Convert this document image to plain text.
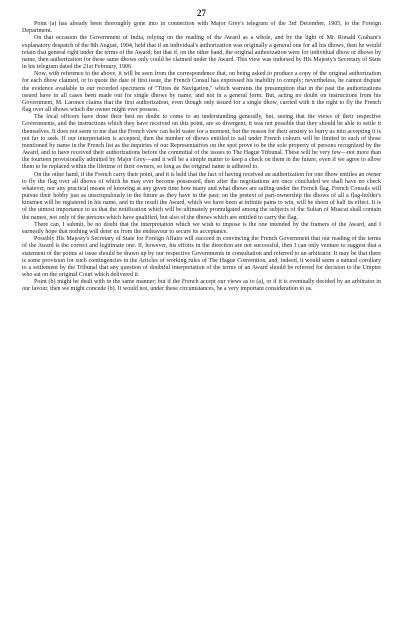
27

Point (a) has already been thoroughly gone into in connection with Major Grey's telegram of the 3rd December, 1905, to the Foreign Department.

On that occasion the Government of India, relying on the reading of the Award as a whole, and by the light of Mr. Ronald Graham's explanatory despatch of the 8th August, 1904, held that if an individual's authorization was originally a general one for all his dhows, then he would retain that general right under the terms of the Award; but that if, on the other hand, the original authorization were for individual dhow or dhows by name, then authorization for these same dhows only could be claimed under the Award. This view was indorsed by His Majesty's Secretary of State in his telegram dated the 21st February, 1906.

Now, with reference to the above, it will be seen from the correspondence that, on being asked to produce a copy of the original authorization for each dhow claimed, or to quote the date of first issue, the French Consul has expressed his inability to comply; nevertheless, he cannot dispute the evidence available in our recorded specimens of "Titres de Navigation," which warrants the presumption that in the past the authorizations issued have in all cases been made out for single dhows by name, and not in a general form. But, acting no doubt on instructions from his Government, M. Laronce claims that the first authorization, even though only issued for a single dhow, carried with it the right to fly the French flag over all dhows which the owner might ever possess.

The local officers have done their best no doubt to come to an understanding generally, but, seeing that the views of their respective Governments, and the instructions which they have received on this point, are so divergent, it was not possible that they should be able to settle it themselves. It does not seem to me that the French view can hold water for a moment, but the reason for their anxiety to hurry us into accepting it is not far to seek. If our interpretation is accepted, then the number of dhows entitled to sail under French colours will be limited to such of those mentioned by name in the French list as the inquiries of our Representatives on the spot prove to be the sole property of persons recognized by the Award, and to have received their authorizations before the committal of the issues to The Hague Tribunal. These will be very few—not more than the fourteen provisionally admitted by Major Grey—and it will be a simple matter to keep a check on them in the future, even if we agree to allow them to be replaced within the lifetime of their owners, so long as the original name is adhered to.

On the other hand, if the French carry their point, and it is held that the fact of having received an authorization for one dhow entitles an owner to fly the flag over all dhows of which he may ever become possessed, then after the negotiations are once concluded we shall have no check whatever, nor any practical means of knowing at any given time how many and what dhows are sailing under the French flag. French Consuls will pursue their hobby just as unscrupulously in the future as they have in the past; on the pretext of part-ownership the dhows of all a flag-holder's kinsmen will be registered in his name, and in the result the Award, which we have been at infinite pains to win, will be shorn of half its effect. It is of the utmost importance to us that the notification which will be ultimately promulgated among the subjects of the Sultan of Muscat shall contain the names, not only of the persons which have qualified, but also of the dhows which are entitled to carry the flag.

There can, I submit, be no doubt that the interpretation which we wish to impose is the one intended by the framers of the Award, and I earnestly hope that nothing will deter us from the endeavour to secure its acceptance.

Possibly His Majesty's Secretary of State for Foreign Affairs will succeed in convincing the French Government that our reading of the terms of the Award is the correct and legitimate one. If, however, his efforts in the direction are not successful, then I can only venture to suggest that a statement of the points at issue should be drawn up by our respective Governments in consultation and referred to an arbitrator. It may be that there is some provision for such contingencies in the Articles of working rules of The Hague Convention, and, indeed, it would seem a natural corollary to a settlement by the Tribunal that any question of doubtful interpretation of the terms of an Award should be referred for decision to the Umpire who sat on the original Court which delivered it.

Point (b) might be dealt with in the same manner; but if the French accept our views as to (a), or if it is eventually decided by an arbitrator in our favour, then we might concede (b). It would not, under these circumstances, be a very important consideration to us.
